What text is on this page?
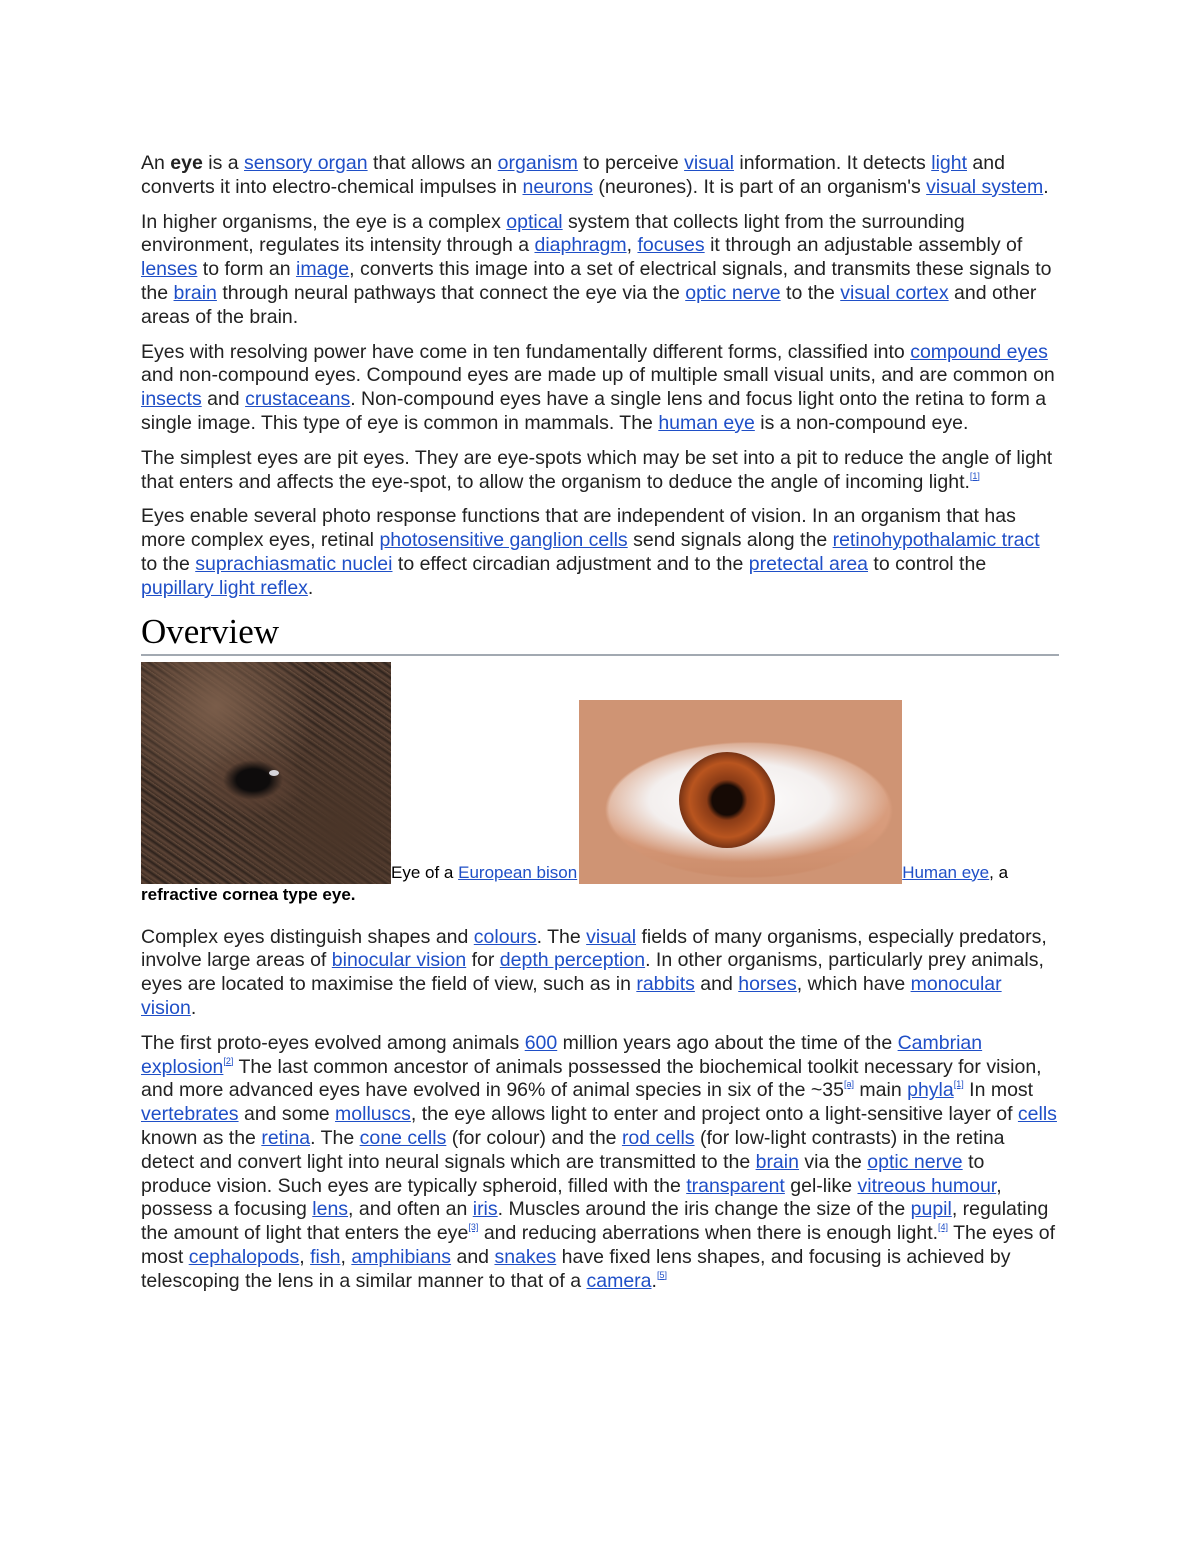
An eye is a sensory organ that allows an organism to perceive visual information. It detects light and converts it into electro-chemical impulses in neurons (neurones). It is part of an organism's visual system.

In higher organisms, the eye is a complex optical system that collects light from the surrounding environment, regulates its intensity through a diaphragm, focuses it through an adjustable assembly of lenses to form an image, converts this image into a set of electrical signals, and transmits these signals to the brain through neural pathways that connect the eye via the optic nerve to the visual cortex and other areas of the brain.

Eyes with resolving power have come in ten fundamentally different forms, classified into compound eyes and non-compound eyes. Compound eyes are made up of multiple small visual units, and are common on insects and crustaceans. Non-compound eyes have a single lens and focus light onto the retina to form a single image. This type of eye is common in mammals. The human eye is a non-compound eye.

The simplest eyes are pit eyes. They are eye-spots which may be set into a pit to reduce the angle of light that enters and affects the eye-spot, to allow the organism to deduce the angle of incoming light.[1]

Eyes enable several photo response functions that are independent of vision. In an organism that has more complex eyes, retinal photosensitive ganglion cells send signals along the retinohypothalamic tract to the suprachiasmatic nuclei to effect circadian adjustment and to the pretectal area to control the pupillary light reflex.

Overview
Eye of a European bison	Human eye, a
refractive cornea type eye.

Complex eyes distinguish shapes and colours. The visual fields of many organisms, especially predators, involve large areas of binocular vision for depth perception. In other organisms, particularly prey animals, eyes are located to maximise the field of view, such as in rabbits and horses, which have monocular vision.

The first proto-eyes evolved among animals 600 million years ago about the time of the Cambrian explosion[2] The last common ancestor of animals possessed the biochemical toolkit necessary for vision, and more advanced eyes have evolved in 96% of animal species in six of the ~35[a] main phyla[1] In most vertebrates and some molluscs, the eye allows light to enter and project onto a light-sensitive layer of cells known as the retina. The cone cells (for colour) and the rod cells (for low-light contrasts) in the retina detect and convert light into neural signals which are transmitted to the brain via the optic nerve to produce vision. Such eyes are typically spheroid, filled with the transparent gel-like vitreous humour, possess a focusing lens, and often an iris. Muscles around the iris change the size of the pupil, regulating the amount of light that enters the eye[3] and reducing aberrations when there is enough light.[4] The eyes of most cephalopods, fish, amphibians and snakes have fixed lens shapes, and focusing is achieved by telescoping the lens in a similar manner to that of a camera.[5]
